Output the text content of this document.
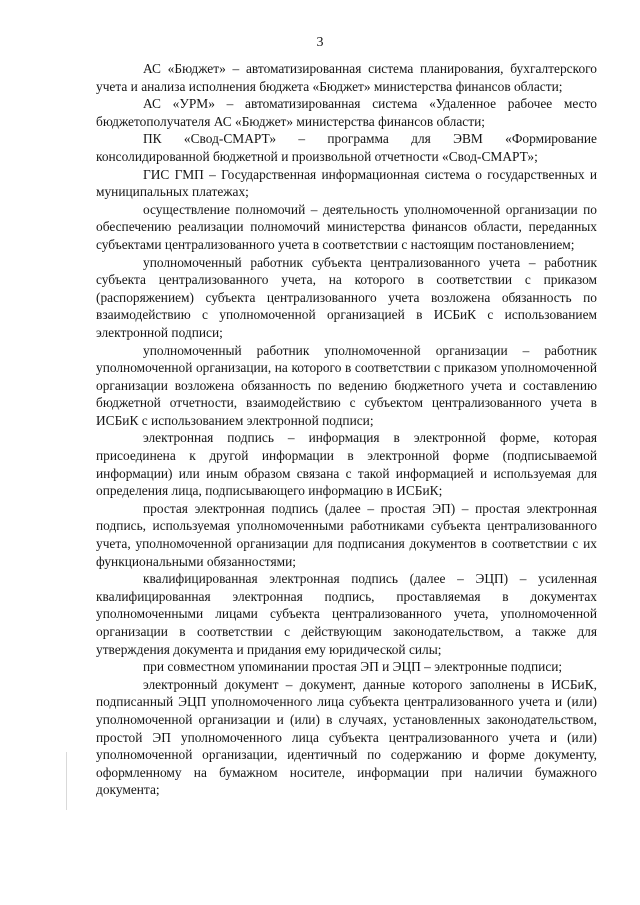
3

АС «Бюджет» – автоматизированная система планирования, бухгалтерского учета и анализа исполнения бюджета «Бюджет» министерства финансов области;

АС «УРМ» – автоматизированная система «Удаленное рабочее место бюджетополучателя АС «Бюджет» министерства финансов области;

ПК «Свод-СМАРТ» – программа для ЭВМ «Формирование консолидированной бюджетной и произвольной отчетности «Свод-СМАРТ»;

ГИС ГМП – Государственная информационная система о государственных и муниципальных платежах;

осуществление полномочий – деятельность уполномоченной организации по обеспечению реализации полномочий министерства финансов области, переданных субъектами централизованного учета в соответствии с настоящим постановлением;

уполномоченный работник субъекта централизованного учета – работник субъекта централизованного учета, на которого в соответствии с приказом (распоряжением) субъекта централизованного учета возложена обязанность по взаимодействию с уполномоченной организацией в ИСБиК с использованием электронной подписи;

уполномоченный работник уполномоченной организации – работник уполномоченной организации, на которого в соответствии с приказом уполномоченной организации возложена обязанность по ведению бюджетного учета и составлению бюджетной отчетности, взаимодействию с субъектом централизованного учета в ИСБиК с использованием электронной подписи;

электронная подпись – информация в электронной форме, которая присоединена к другой информации в электронной форме (подписываемой информации) или иным образом связана с такой информацией и используемая для определения лица, подписывающего информацию в ИСБиК;

простая электронная подпись (далее – простая ЭП) – простая электронная подпись, используемая уполномоченными работниками субъекта централизованного учета, уполномоченной организации для подписания документов в соответствии с их функциональными обязанностями;

квалифицированная электронная подпись (далее – ЭЦП) – усиленная квалифицированная электронная подпись, проставляемая в документах уполномоченными лицами субъекта централизованного учета, уполномоченной организации в соответствии с действующим законодательством, а также для утверждения документа и придания ему юридической силы;

при совместном упоминании простая ЭП и ЭЦП – электронные подписи;

электронный документ – документ, данные которого заполнены в ИСБиК, подписанный ЭЦП уполномоченного лица субъекта централизованного учета и (или) уполномоченной организации и (или) в случаях, установленных законодательством, простой ЭП уполномоченного лица субъекта централизованного учета и (или) уполномоченной организации, идентичный по содержанию и форме документу, оформленному на бумажном носителе, информации при наличии бумажного документа;
